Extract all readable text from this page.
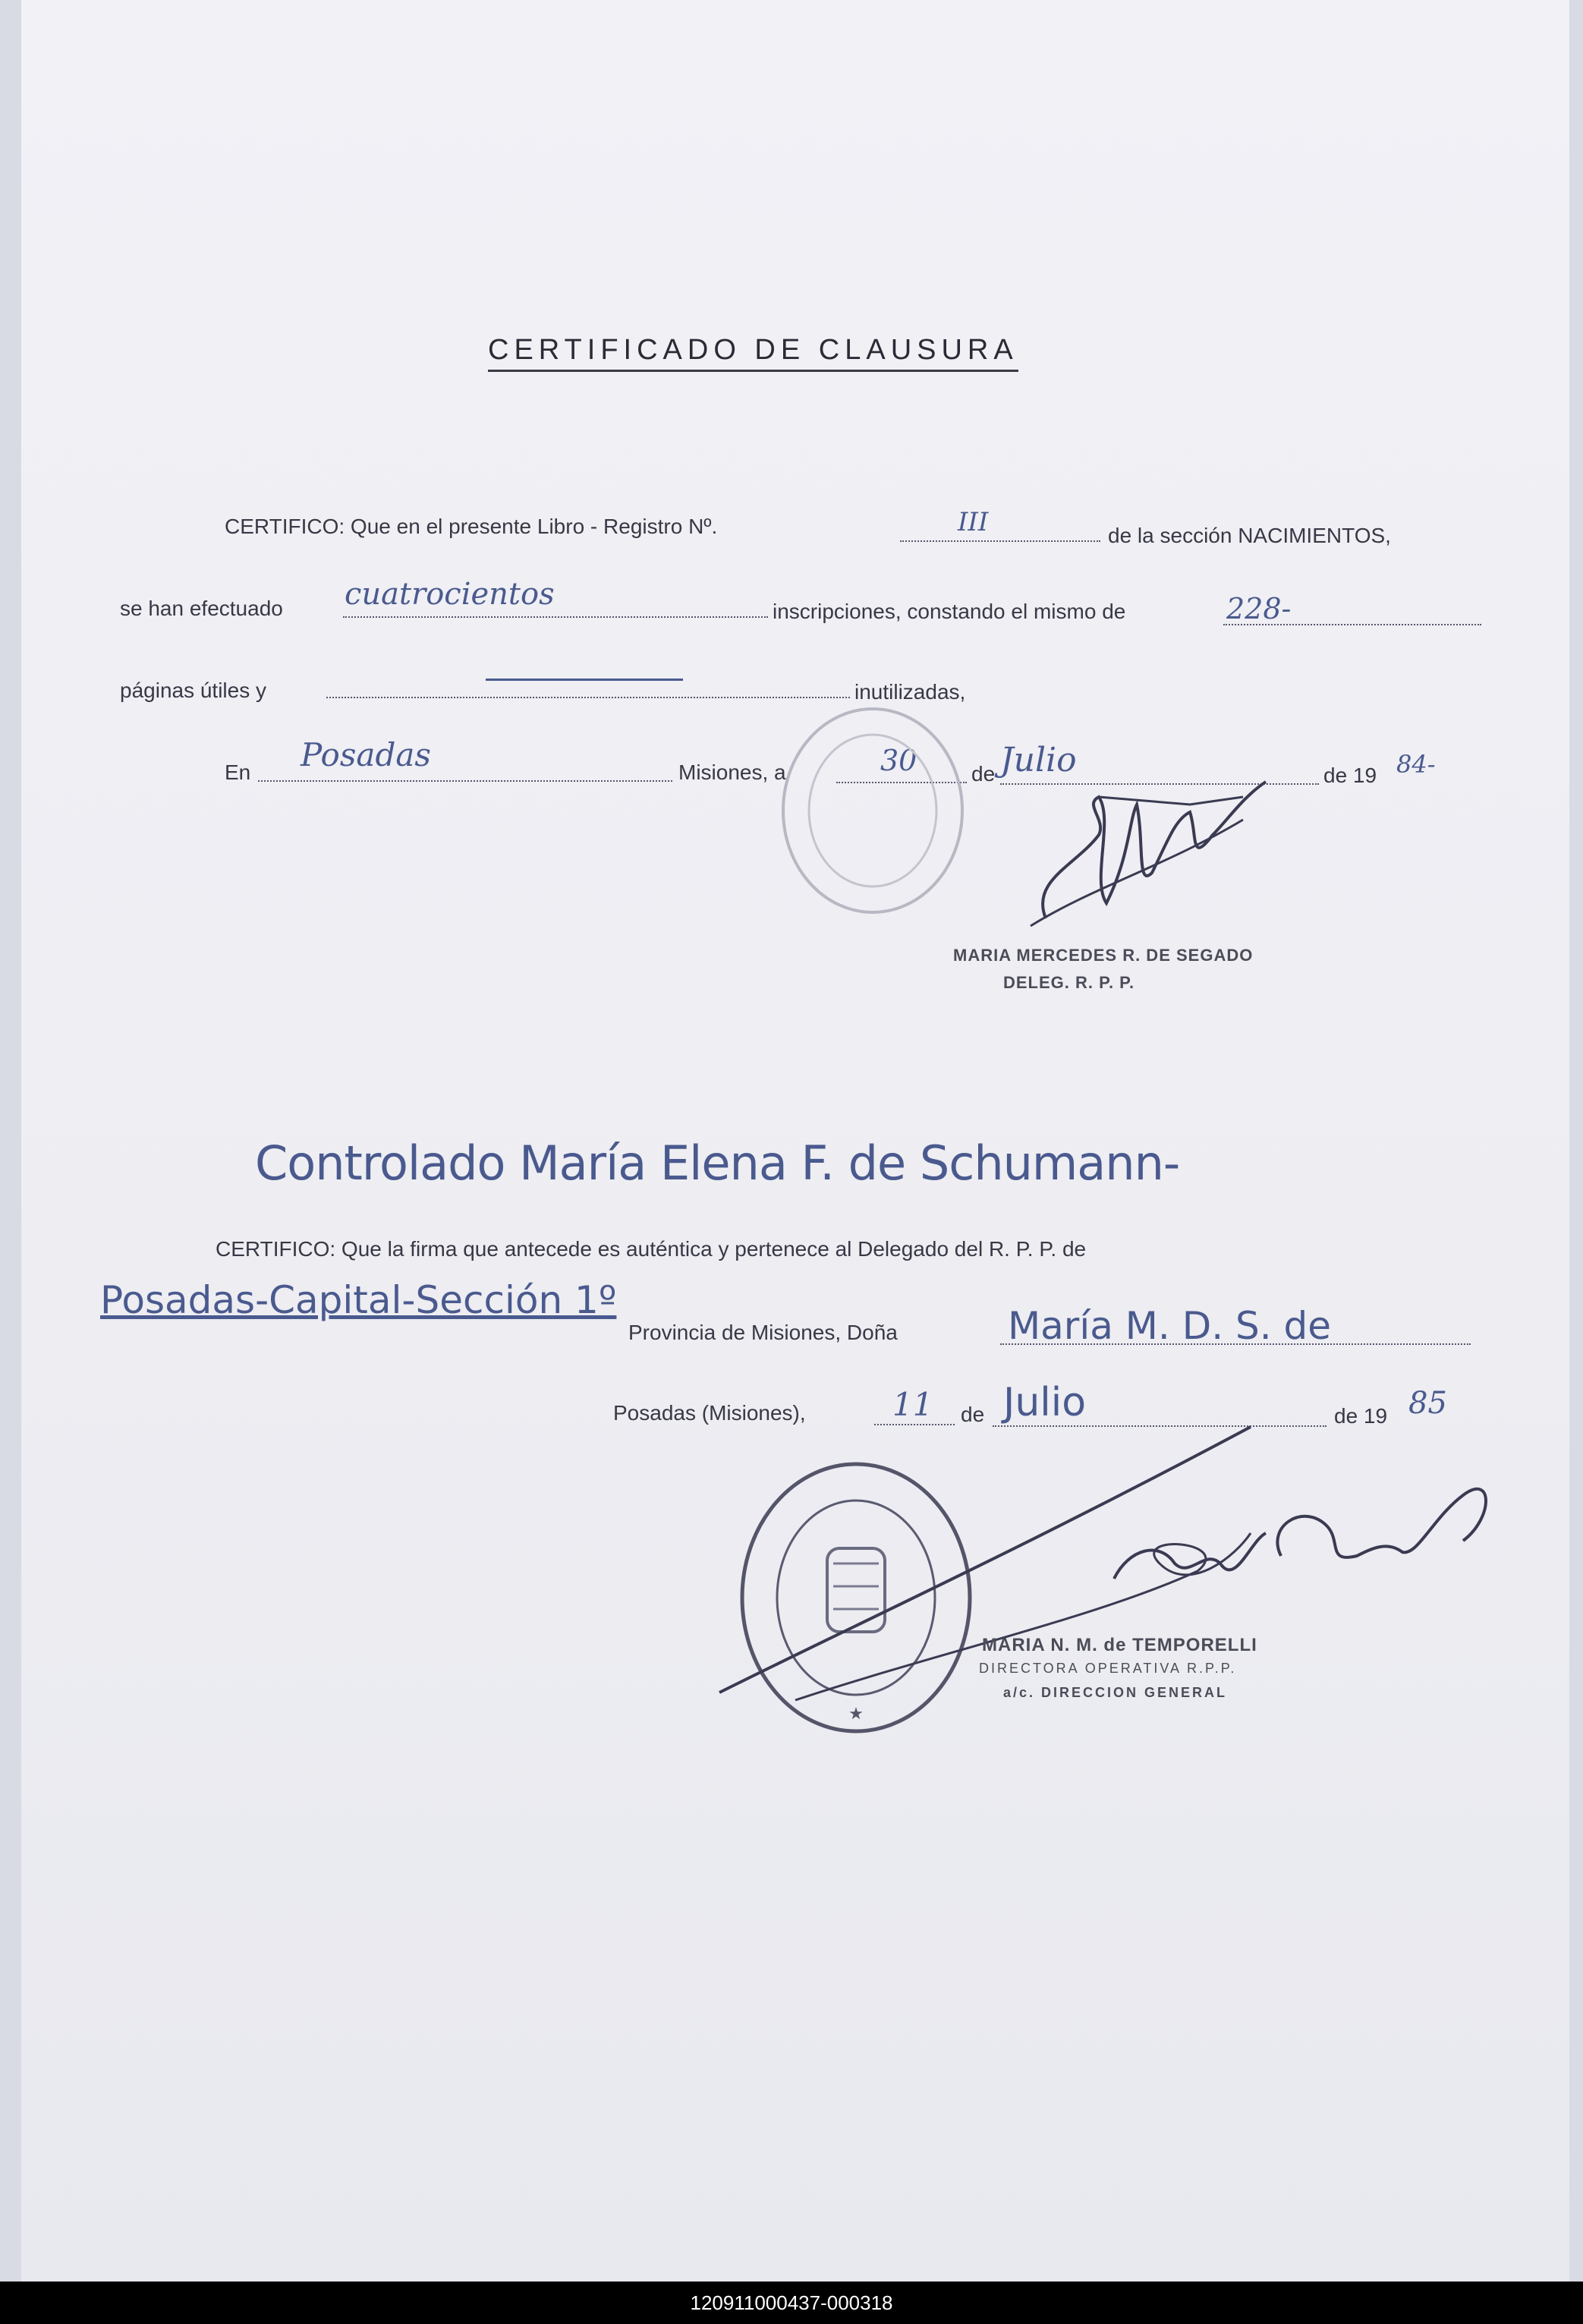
CERTIFICADO DE CLAUSURA
CERTIFICO: Que en el presente Libro - Registro Nº.	III	de la sección NACIMIENTOS,
se han efectuado cuatrocientos	inscripciones, constando el mismo de	228-
páginas útiles y	inutilizadas,
En Posadas	Misiones, a	30	de Julio	de 19 84-
MARIA MERCEDES R. DE SEGADO
DELEG. R. P. P.
Controlado María Elena F. de Schumann-
CERTIFICO: Que la firma que antecede es auténtica y pertenece al Delegado del R. P. P. de
Posadas-Capital-Sección 1º
Provincia de Misiones, Doña	María M. D. S. de
Posadas (Misiones),	11 de Julio	de 19 85
★
MARIA N. M. de TEMPORELLI
DIRECTORA OPERATIVA R.P.P.
a/c. DIRECCION GENERAL
120911000437-000318
